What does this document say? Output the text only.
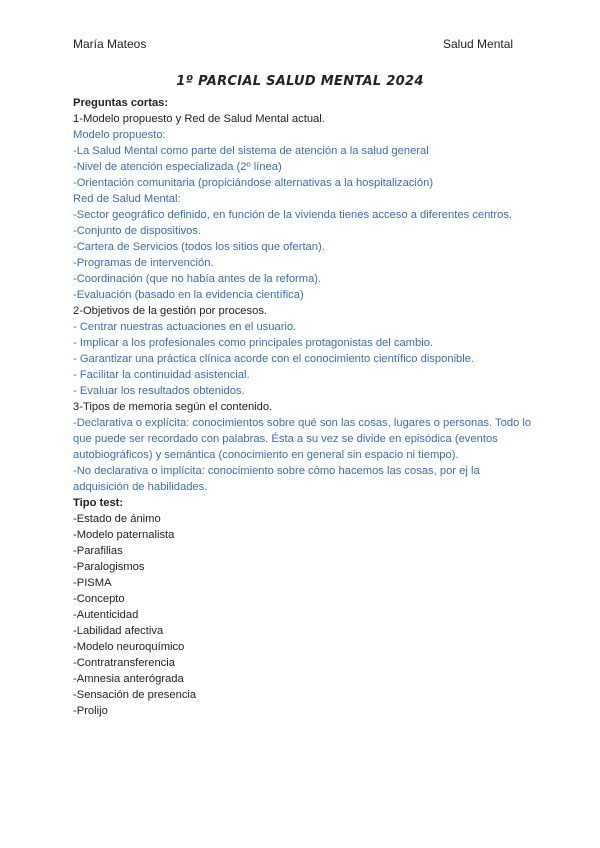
María Mateos	Salud Mental
1º PARCIAL SALUD MENTAL 2024
Preguntas cortas:
1-Modelo propuesto y Red de Salud Mental actual.
Modelo propuesto:
-La Salud Mental como parte del sistema de atención a la salud general
-Nivel de atención especializada (2º línea)
-Orientación comunitaria (propiciándose alternativas a la hospitalización)
Red de Salud Mental:
-Sector geográfico definido, en función de la vivienda tienes acceso a diferentes centros.
-Conjunto de dispositivos.
-Cartera de Servicios (todos los sitios que ofertan).
-Programas de intervención.
-Coordinación (que no había antes de la reforma).
-Evaluación (basado en la evidencia científica)
2-Objetivos de la gestión por procesos.
- Centrar nuestras actuaciones en el usuario.
- Implicar a los profesionales como principales protagonistas del cambio.
- Garantizar una práctica clínica acorde con el conocimiento científico disponible.
- Facilitar la continuidad asistencial.
- Evaluar los resultados obtenidos.
3-Tipos de memoria según el contenido.
-Declarativa o explícita: conocimientos sobre qué son las cosas, lugares o personas. Todo lo que puede ser recordado con palabras. Ésta a su vez se divide en episódica (eventos autobiográficos) y semántica (conocimiento en general sin espacio ni tiempo).
-No declarativa o implícita: conocimiento sobre cómo hacemos las cosas, por ej la adquisición de habilidades.
Tipo test:
-Estado de ánimo
-Modelo paternalista
-Parafilias
-Paralogismos
-PISMA
-Concepto
-Autenticidad
-Labilidad afectiva
-Modelo neuroquímico
-Contratransferencia
-Amnesia anterógrada
-Sensación de presencia
-Prolijo
